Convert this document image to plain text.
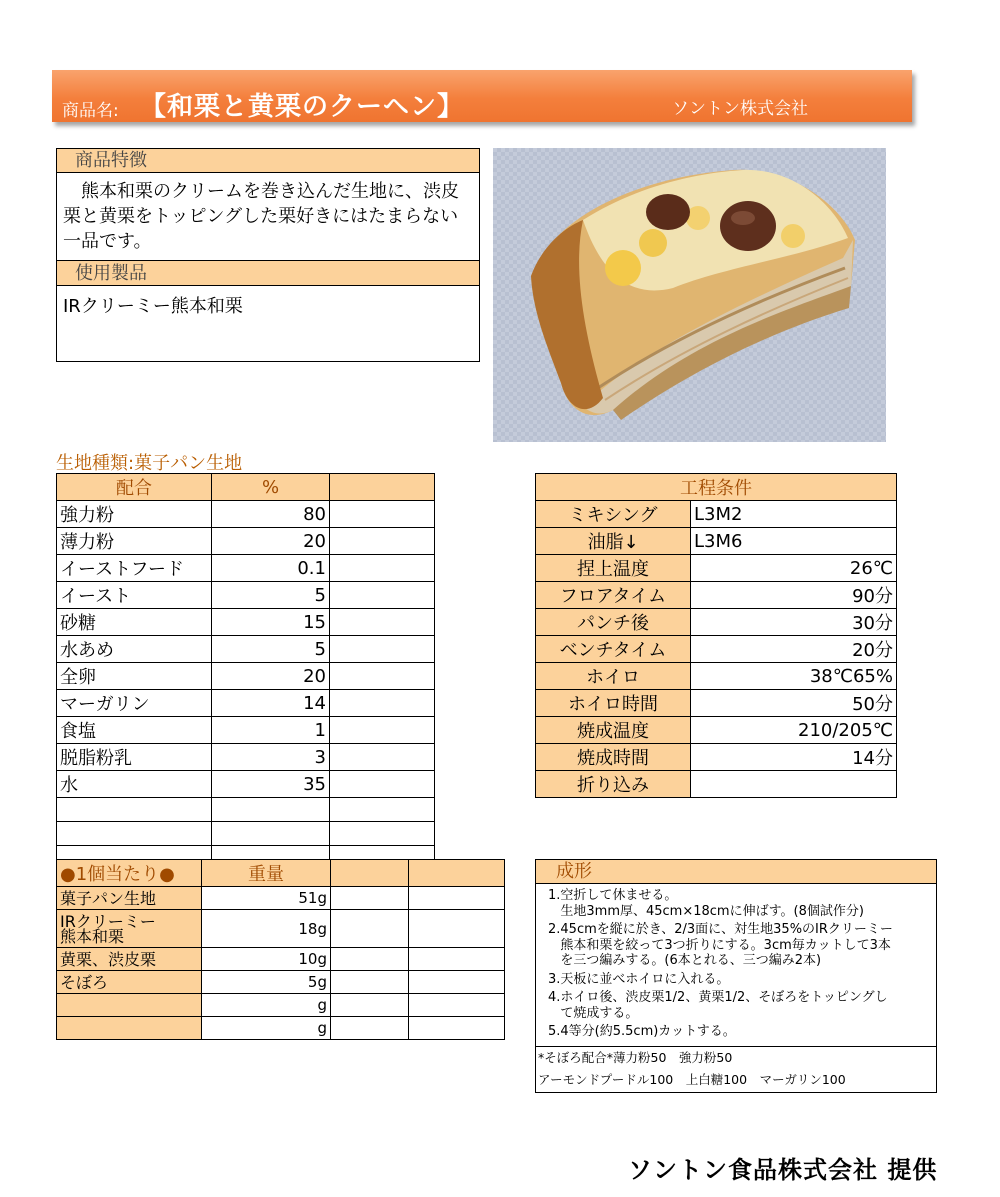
商品名: 【和栗と黄栗のクーヘン】	ソントン株式会社
商品特徴
熊本和栗のクリームを巻き込んだ生地に、渋皮栗と黄栗をトッピングした栗好きにはたまらない一品です。
使用製品
IRクリーミー熊本和栗
生地種類:菓子パン生地
配合	%	
強力粉	80	
薄力粉	20	
イーストフード	0.1	
イースト	5	
砂糖	15	
水あめ	5	
全卵	20	
マーガリン	14	
食塩	1	
脱脂粉乳	3	
水	35	

工程条件	
ミキシング	L3M2
油脂↓	L3M6
捏上温度	26℃
フロアタイム	90分
パンチ後	30分
ベンチタイム	20分
ホイロ	38℃65%
ホイロ時間	50分
焼成温度	210/205℃
焼成時間	14分
折り込み	
●1個当たり●	重量		
菓子パン生地	51g		
IRクリーミー
熊本和栗	18g		
黄栗、渋皮栗	10g		
そぼろ	5g		
	g		
	g		
成形
1.空折して休ませる。
生地3mm厚、45cm×18cmに伸ばす。(8個試作分)
2.45cmを縦に於き、2/3面に、対生地35%のIRクリーミー
熊本和栗を絞って3つ折りにする。3cm毎カットして3本
を三つ編みする。(6本とれる、三つ編み2本)
3.天板に並べホイロに入れる。
4.ホイロ後、渋皮栗1/2、黄栗1/2、そぼろをトッピングし
て焼成する。
5.4等分(約5.5cm)カットする。
*そぼろ配合*薄力粉50　強力粉50
アーモンドプードル100　上白糖100　マーガリン100
ソントン食品株式会社 提供
